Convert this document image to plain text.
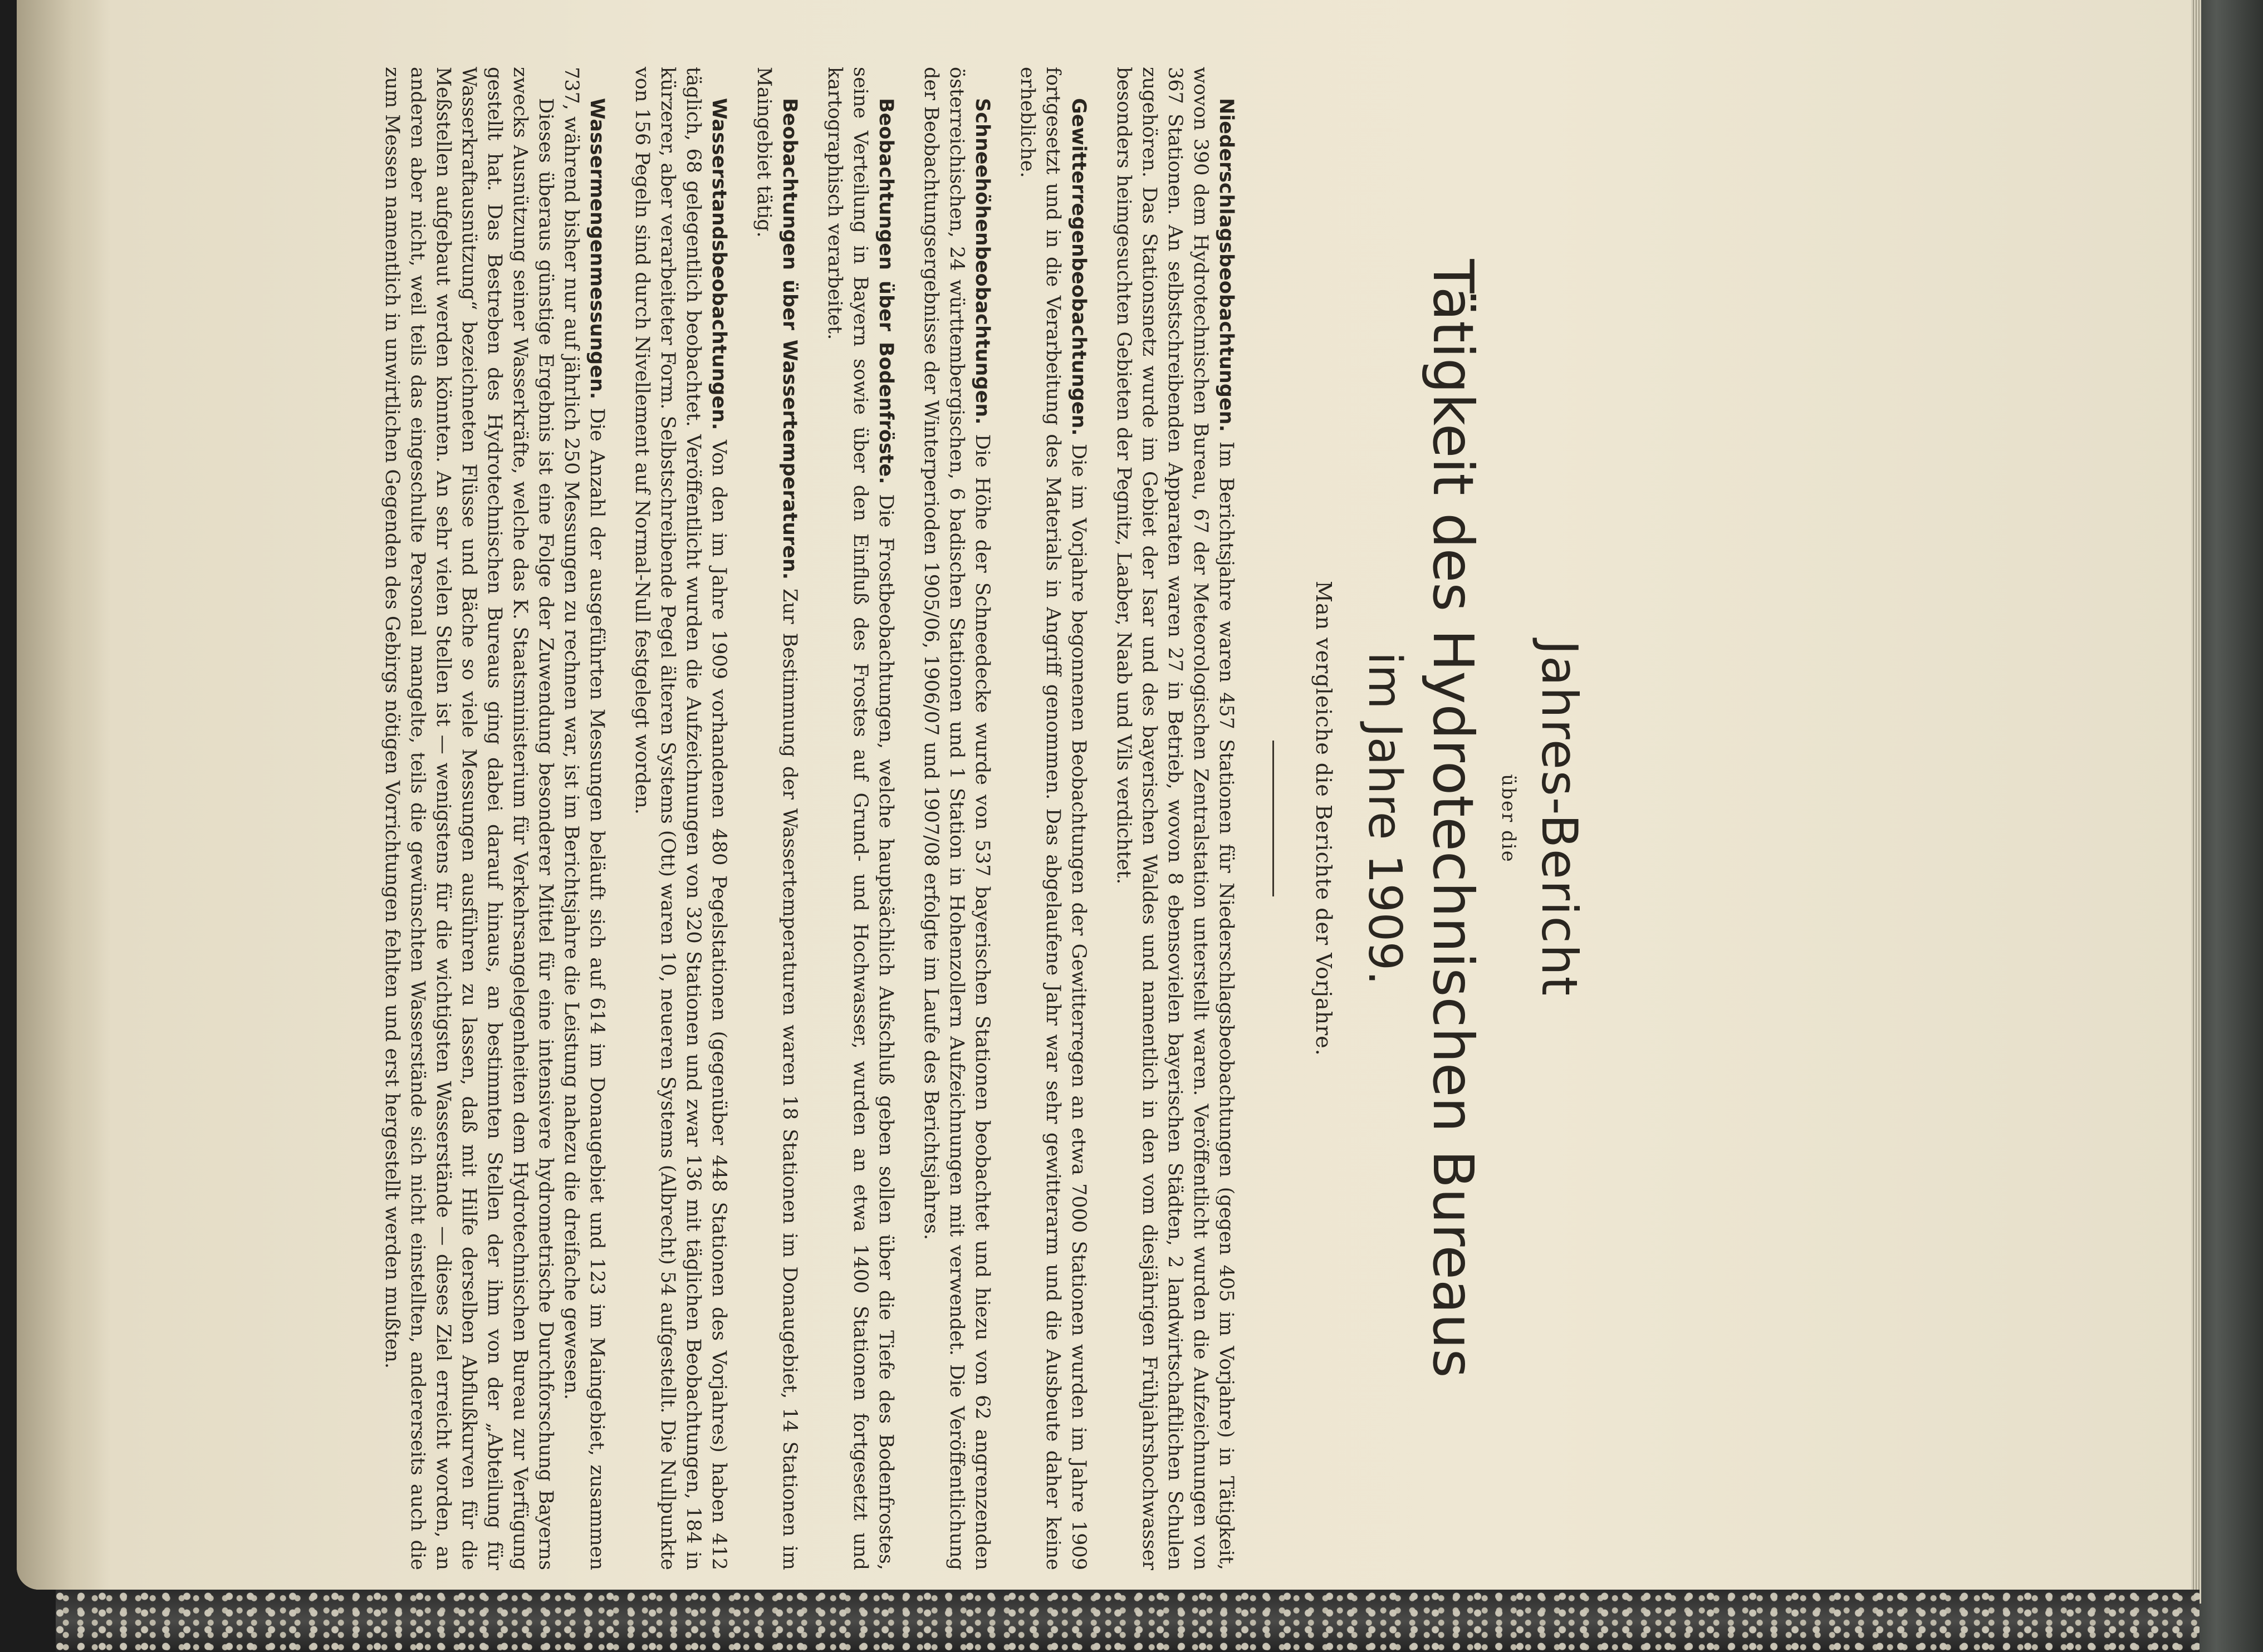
Jahres-Bericht
über die
Tätigkeit des Hydrotechnischen Bureaus
im Jahre 1909.
Man vergleiche die Berichte der Vorjahre.

Niederschlagsbeobachtungen. Im Berichtsjahre waren 457 Stationen für Niederschlagsbeobachtungen (gegen 405 im Vorjahre) in Tätigkeit, wovon 390 dem Hydrotechnischen Bureau, 67 der Meteorologischen Zentralstation unterstellt waren. Veröffentlicht wurden die Aufzeichnungen von 367 Stationen. An selbstschreibenden Apparaten waren 27 in Betrieb, wovon 8 ebensovielen bayerischen Städten, 2 landwirtschaftlichen Schulen zugehören. Das Stationsnetz wurde im Gebiet der Isar und des bayerischen Waldes und namentlich in den vom diesjährigen Frühjahrshochwasser besonders heimgesuchten Gebieten der Pegnitz, Laaber, Naab und Vils verdichtet.

Gewitterregenbeobachtungen. Die im Vorjahre begonnenen Beobachtungen der Gewitterregen an etwa 7000 Stationen wurden im Jahre 1909 fortgesetzt und in die Verarbeitung des Materials in Angriff genommen. Das abgelaufene Jahr war sehr gewitterarm und die Ausbeute daher keine erhebliche.

Schneehöhenbeobachtungen. Die Höhe der Schneedecke wurde von 537 bayerischen Stationen beobachtet und hiezu von 62 angrenzenden österreichischen, 24 württembergischen, 6 badischen Stationen und 1 Station in Hohenzollern Aufzeichnungen mit verwendet. Die Veröffentlichung der Beobachtungsergebnisse der Winterperioden 1905/06, 1906/07 und 1907/08 erfolgte im Laufe des Berichtsjahres.

Beobachtungen über Bodenfröste. Die Frostbeobachtungen, welche hauptsächlich Aufschluß geben sollen über die Tiefe des Bodenfrostes, seine Verteilung in Bayern sowie über den Einfluß des Frostes auf Grund- und Hochwasser, wurden an etwa 1400 Stationen fortgesetzt und kartographisch verarbeitet.

Beobachtungen über Wassertemperaturen. Zur Bestimmung der Wassertemperaturen waren 18 Stationen im Donaugebiet, 14 Stationen im Maingebiet tätig.

Wasserstandsbeobachtungen. Von den im Jahre 1909 vorhandenen 480 Pegelstationen (gegenüber 448 Stationen des Vorjahres) haben 412 täglich, 68 gelegentlich beobachtet. Veröffentlicht wurden die Aufzeichnungen von 320 Stationen und zwar 136 mit täglichen Beobachtungen, 184 in kürzerer, aber verarbeiteter Form. Selbstschreibende Pegel älteren Systems (Ott) waren 10, neueren Systems (Albrecht) 54 aufgestellt. Die Nullpunkte von 156 Pegeln sind durch Nivellement auf Normal-Null festgelegt worden.

Wassermengenmessungen. Die Anzahl der ausgeführten Messungen beläuft sich auf 614 im Donaugebiet und 123 im Maingebiet, zusammen 737, während bisher nur auf jährlich 250 Messungen zu rechnen war, ist im Berichtsjahre die Leistung nahezu die dreifache gewesen.

Dieses überaus günstige Ergebnis ist eine Folge der Zuwendung besonderer Mittel für eine intensivere hydrometrische Durchforschung Bayerns zwecks Ausnützung seiner Wasserkräfte, welche das K. Staatsministerium für Verkehrsangelegenheiten dem Hydrotechnischen Bureau zur Verfügung gestellt hat. Das Bestreben des Hydrotechnischen Bureaus ging dabei darauf hinaus, an bestimmten Stellen der ihm von der „Abteilung für Wasserkraftausnützung“ bezeichneten Flüsse und Bäche so viele Messungen ausführen zu lassen, daß mit Hilfe derselben Abflußkurven für die Meßstellen aufgebaut werden könnten. An sehr vielen Stellen ist — wenigstens für die wichtigsten Wasserstände — dieses Ziel erreicht worden, an anderen aber nicht, weil teils das eingeschulte Personal mangelte, teils die gewünschten Wasserstände sich nicht einstellten, andererseits auch die zum Messen namentlich in unwirtlichen Gegenden des Gebirgs nötigen Vorrichtungen fehlten und erst hergestellt werden mußten.
